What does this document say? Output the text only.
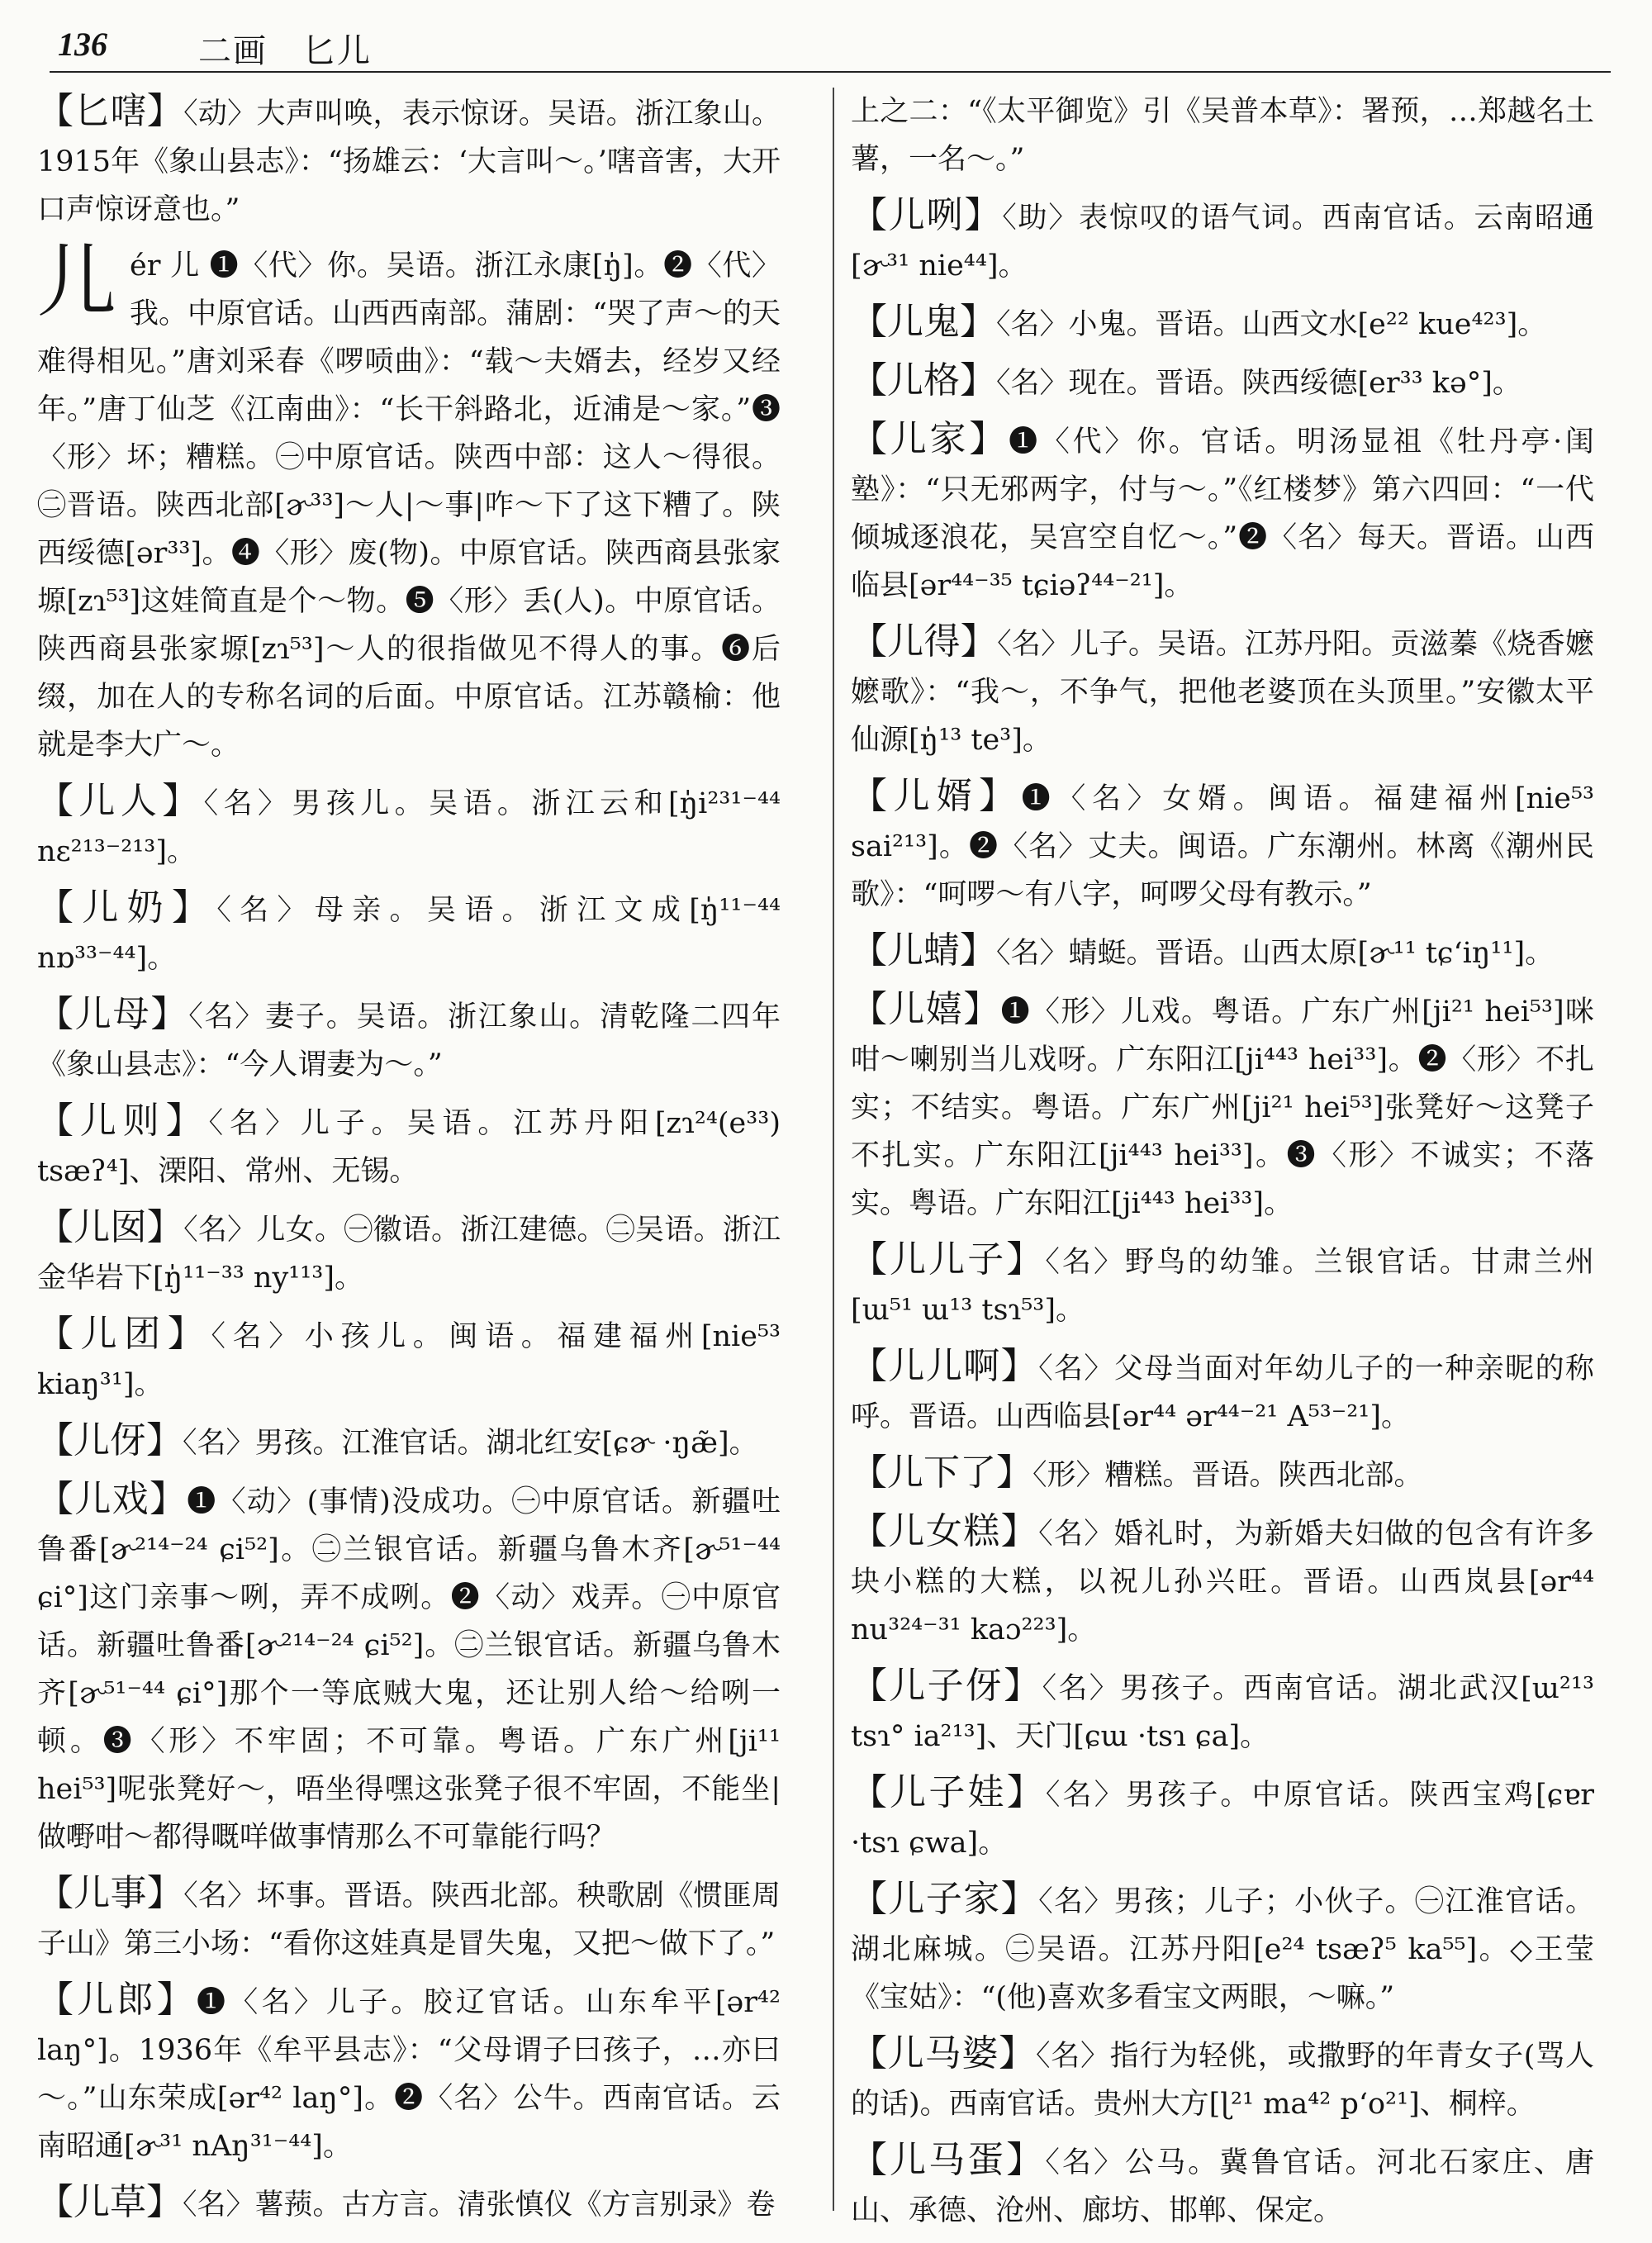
136	二画　匕儿
【匕嗐】〈动〉大声叫唤，表示惊讶。吴语。浙江象山。1915年《象山县志》：“扬雄云：‘大言叫～。’嗐音害，大开口声惊讶意也。”
儿ér 儿 ❶〈代〉你。吴语。浙江永康[ŋ̍]。❷〈代〉我。中原官话。山西西南部。蒲剧：“哭了声～的天难得相见。”唐刘采春《啰唝曲》：“载～夫婿去，经岁又经年。”唐丁仙芝《江南曲》：“长干斜路北，近浦是～家。”❸〈形〉坏；糟糕。㊀中原官话。陕西中部：这人～得很。㊁晋语。陕西北部[ɚ³³]～人|～事|咋～下了这下糟了。陕西绥德[ər³³]。❹〈形〉废(物)。中原官话。陕西商县张家塬[zɿ⁵³]这娃简直是个～物。❺〈形〉丢(人)。中原官话。陕西商县张家塬[zɿ⁵³]～人的很指做见不得人的事。❻后缀，加在人的专称名词的后面。中原官话。江苏赣榆：他就是李大广～。
【儿人】〈名〉男孩儿。吴语。浙江云和[ŋ̍i²³¹⁻⁴⁴ nɛ²¹³⁻²¹³]。
【儿奶】〈名〉母亲。吴语。浙江文成[ŋ̍¹¹⁻⁴⁴ nɒ³³⁻⁴⁴]。
【儿母】〈名〉妻子。吴语。浙江象山。清乾隆二四年《象山县志》：“今人谓妻为～。”
【儿则】〈名〉儿子。吴语。江苏丹阳[zɿ²⁴(e³³) tsæʔ⁴]、溧阳、常州、无锡。
【儿囡】〈名〉儿女。㊀徽语。浙江建德。㊁吴语。浙江金华岩下[ŋ̍¹¹⁻³³ ny¹¹³]。
【儿团】〈名〉小孩儿。闽语。福建福州[nie⁵³ kiaŋ³¹]。
【儿伢】〈名〉男孩。江淮官话。湖北红安[ɕɚ ·ŋæ̃]。
【儿戏】❶〈动〉(事情)没成功。㊀中原官话。新疆吐鲁番[ɚ²¹⁴⁻²⁴ ɕi⁵²]。㊁兰银官话。新疆乌鲁木齐[ɚ⁵¹⁻⁴⁴ ɕi°]这门亲事～咧，弄不成咧。❷〈动〉戏弄。㊀中原官话。新疆吐鲁番[ɚ²¹⁴⁻²⁴ ɕi⁵²]。㊁兰银官话。新疆乌鲁木齐[ɚ⁵¹⁻⁴⁴ ɕi°]那个一等底贼大鬼，还让别人给～给咧一顿。❸〈形〉不牢固；不可靠。粤语。广东广州[ji¹¹ hei⁵³]呢张凳好～，唔坐得嘿这张凳子很不牢固，不能坐|做嘢咁～都得嘅咩做事情那么不可靠能行吗？
【儿事】〈名〉坏事。晋语。陕西北部。秧歌剧《惯匪周子山》第三小场：“看你这娃真是冒失鬼，又把～做下了。”
【儿郎】❶〈名〉儿子。胶辽官话。山东牟平[ər⁴² laŋ°]。1936年《牟平县志》：“父母谓子曰孩子，…亦曰～。”山东荣成[ər⁴² laŋ°]。❷〈名〉公牛。西南官话。云南昭通[ɚ³¹ nAŋ³¹⁻⁴⁴]。
【儿草】〈名〉薯蓣。古方言。清张慎仪《方言别录》卷
上之二：“《太平御览》引《吴普本草》：署预，…郑越名土薯，一名～。”
【儿咧】〈助〉表惊叹的语气词。西南官话。云南昭通[ɚ³¹ nie⁴⁴]。
【儿鬼】〈名〉小鬼。晋语。山西文水[e²² kue⁴²³]。
【儿格】〈名〉现在。晋语。陕西绥德[er³³ kə°]。
【儿家】❶〈代〉你。官话。明汤显祖《牡丹亭·闺塾》：“只无邪两字，付与～。”《红楼梦》第六四回：“一代倾城逐浪花，吴宫空自忆～。”❷〈名〉每天。晋语。山西临县[ər⁴⁴⁻³⁵ tɕiəʔ⁴⁴⁻²¹]。
【儿得】〈名〉儿子。吴语。江苏丹阳。贡滋蓁《烧香嬷嬷歌》：“我～，不争气，把他老婆顶在头顶里。”安徽太平仙源[ŋ̍¹³ te³]。
【儿婿】❶〈名〉女婿。闽语。福建福州[nie⁵³ sai²¹³]。❷〈名〉丈夫。闽语。广东潮州。林离《潮州民歌》：“呵啰～有八字，呵啰父母有教示。”
【儿蜻】〈名〉蜻蜓。晋语。山西太原[ɚ¹¹ tɕʻiŋ¹¹]。
【儿嬉】❶〈形〉儿戏。粤语。广东广州[ji²¹ hei⁵³]咪咁～喇别当儿戏呀。广东阳江[ji⁴⁴³ hei³³]。❷〈形〉不扎实；不结实。粤语。广东广州[ji²¹ hei⁵³]张凳好～这凳子不扎实。广东阳江[ji⁴⁴³ hei³³]。❸〈形〉不诚实；不落实。粤语。广东阳江[ji⁴⁴³ hei³³]。
【儿儿子】〈名〉野鸟的幼雏。兰银官话。甘肃兰州[ɯ⁵¹ ɯ¹³ tsɿ⁵³]。
【儿儿啊】〈名〉父母当面对年幼儿子的一种亲昵的称呼。晋语。山西临县[ər⁴⁴ ər⁴⁴⁻²¹ A⁵³⁻²¹]。
【儿下了】〈形〉糟糕。晋语。陕西北部。
【儿女糕】〈名〉婚礼时，为新婚夫妇做的包含有许多块小糕的大糕，以祝儿孙兴旺。晋语。山西岚县[ər⁴⁴ nu³²⁴⁻³¹ kaɔ²²³]。
【儿子伢】〈名〉男孩子。西南官话。湖北武汉[ɯ²¹³ tsɿ° ia²¹³]、天门[ɕɯ ·tsɿ ɕa]。
【儿子娃】〈名〉男孩子。中原官话。陕西宝鸡[ɕɐr ·tsɿ ɕwa]。
【儿子家】〈名〉男孩；儿子；小伙子。㊀江淮官话。湖北麻城。㊁吴语。江苏丹阳[e²⁴ tsæʔ⁵ ka⁵⁵]。◇王莹《宝姑》：“(他)喜欢多看宝文两眼，～嘛。”
【儿马婆】〈名〉指行为轻佻，或撒野的年青女子(骂人的话)。西南官话。贵州大方[ɭ²¹ ma⁴² pʻo²¹]、桐梓。
【儿马蛋】〈名〉公马。冀鲁官话。河北石家庄、唐山、承德、沧州、廊坊、邯郸、保定。
